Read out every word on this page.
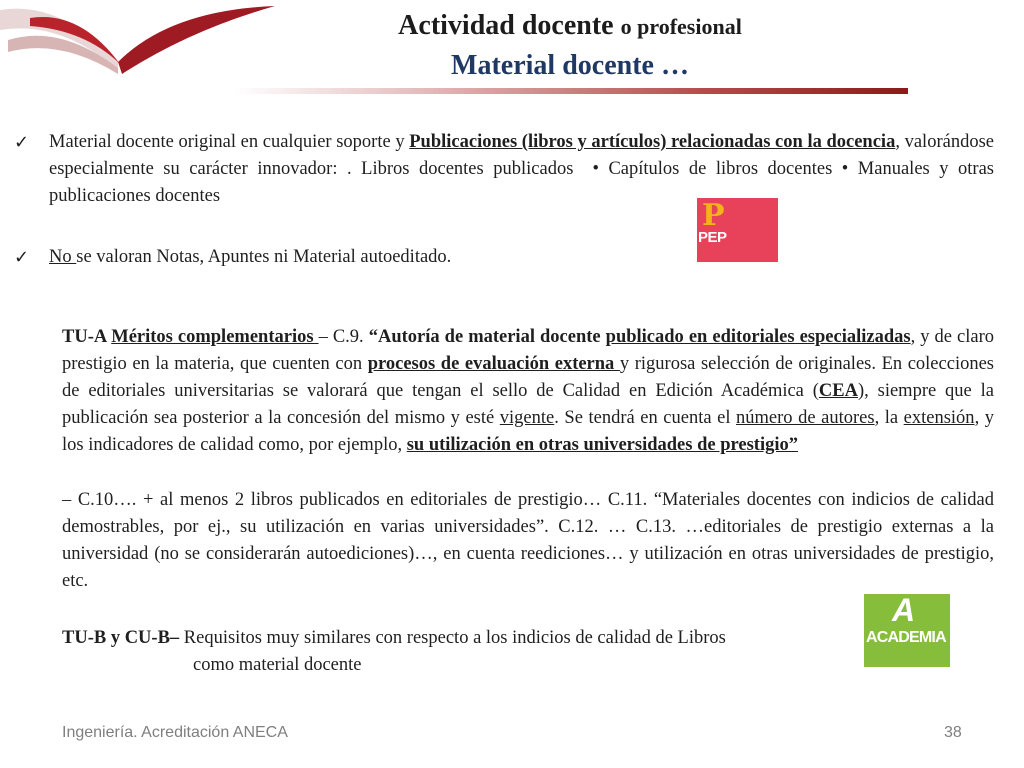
Actividad docente o profesional
Material docente …
✓	Material docente original en cualquier soporte y Publicaciones (libros y artículos) relacionadas con la docencia, valorándose especialmente su carácter innovador: . Libros docentes publicados  • Capítulos de libros docentes • Manuales y otras publicaciones docentes
✓	No se valoran Notas, Apuntes ni Material autoeditado.
P
PEP
TU-A Méritos complementarios – C.9. “Autoría de material docente publicado en editoriales especializadas, y de claro prestigio en la materia, que cuenten con procesos de evaluación externa y rigurosa selección de originales. En colecciones de editoriales universitarias se valorará que tengan el sello de Calidad en Edición Académica (CEA), siempre que la publicación sea posterior a la concesión del mismo y esté vigente. Se tendrá en cuenta el número de autores, la extensión, y los indicadores de calidad como, por ejemplo, su utilización en otras universidades de prestigio”
– C.10…. + al menos 2 libros publicados en editoriales de prestigio… C.11. “Materiales docentes con indicios de calidad demostrables, por ej., su utilización en varias universidades”. C.12. … C.13. …editoriales de prestigio externas a la universidad (no se considerarán autoediciones)…, en cuenta reediciones… y utilización en otras universidades de prestigio, etc.
TU-B y CU-B– Requisitos muy similares con respecto a los indicios de calidad de Libros
como material docente
A
ACADEMIA
Ingeniería. Acreditación ANECA	38
